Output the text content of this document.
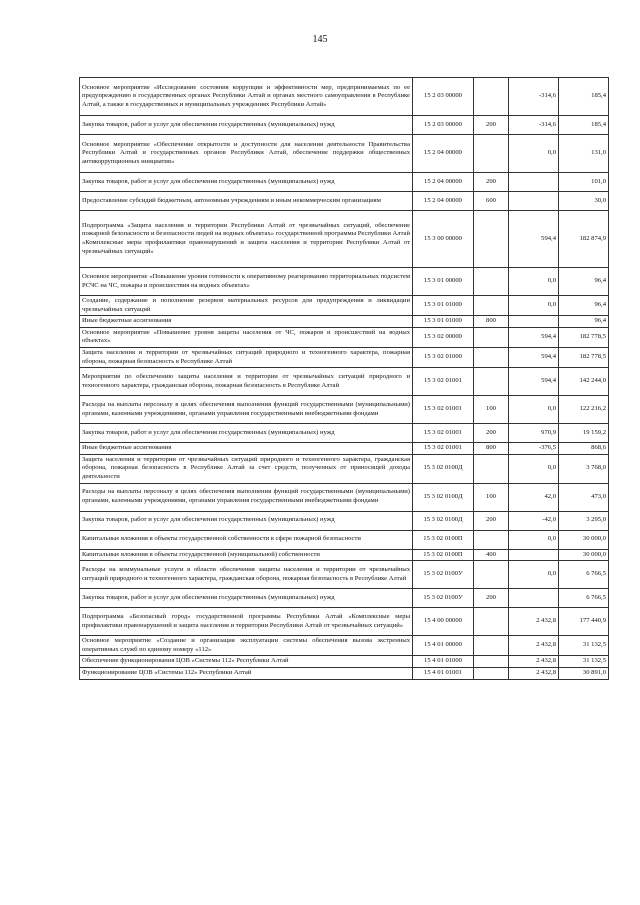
145
Основное мероприятие «Исследование состояния коррупции и эффективности мер, предпринимаемых по ее предупреждению в государственных органах Республики Алтай и органах местного самоуправления в Республике Алтай, а также в государственных и муниципальных учреждениях Республики Алтай»	15 2 03 00000		-314,6	185,4
Закупка товаров, работ и услуг для обеспечения государственных (муниципальных) нужд	15 2 03 00000	200	-314,6	185,4
Основное мероприятие «Обеспечение открытости и доступности для населения деятельности Правительства Республики Алтай и государственных органов Республики Алтай, обеспечение поддержки общественных антикоррупционных инициатив»	15 2 04 00000		0,0	131,0
Закупка товаров, работ и услуг для обеспечения государственных (муниципальных) нужд	15 2 04 00000	200		101,0
Предоставление субсидий бюджетным, автономным учреждениям и иным некоммерческим организациям	15 2 04 00000	600		30,0
Подпрограмма «Защита населения и территории Республики Алтай от чрезвычайных ситуаций, обеспечение пожарной безопасности и безопасности людей на водных объектах» государственной программы Республики Алтай «Комплексные меры профилактики правонарушений и защита населения и территории Республики Алтай от чрезвычайных ситуаций»	15 3 00 00000		594,4	182 874,9
Основное мероприятие «Повышение уровня готовности к оперативному реагированию территориальных подсистем РСЧС на ЧС, пожары и происшествия на водных объектах»	15 3 01 00000		0,0	96,4
Создание, содержание и пополнение резервов материальных ресурсов для предупреждения и ликвидации чрезвычайных ситуаций	15 3 01 01000		0,0	96,4
Иные бюджетные ассигнования	15 3 01 01000	800		96,4
Основное мероприятие «Повышение уровня защиты населения от ЧС, пожаров и происшествий на водных объектах»	15 3 02 00000		594,4	182 778,5
Защита населения и территории от чрезвычайных ситуаций природного и техногенного характера, пожарная оборона, пожарная безопасность в Республике Алтай	15 3 02 01000		594,4	182 778,5
Мероприятия по обеспечению защиты населения и территории от чрезвычайных ситуаций природного и техногенного характера, гражданская оборона, пожарная безопасность в Республике Алтай	15 3 02 01001		594,4	142 244,0
Расходы на выплаты персоналу в целях обеспечения выполнения функций государственными (муниципальными) органами, казенными учреждениями, органами управления государственными внебюджетными фондами	15 3 02 01001	100	0,0	122 216,2
Закупка товаров, работ и услуг для обеспечения государственных (муниципальных) нужд	15 3 02 01001	200	970,9	19 159,2
Иные бюджетные ассигнования	15 3 02 01001	800	-376,5	868,6
Защита населения и территории от чрезвычайных ситуаций природного и техногенного характера, гражданская оборона, пожарная безопасность в Республике Алтай за счет средств, полученных от приносящей доходы деятельности	15 3 02 0100Д		0,0	3 768,0
Расходы на выплаты персоналу в целях обеспечения выполнения функций государственными (муниципальными) органами, казенными учреждениями, органами управления государственными внебюджетными фондами	15 3 02 0100Д	100	42,0	473,0
Закупка товаров, работ и услуг для обеспечения государственных (муниципальных) нужд	15 3 02 0100Д	200	-42,0	3 295,0
Капитальные вложения в объекты государственной собственности в сфере пожарной безопасности	15 3 02 0100П		0,0	30 000,0
Капитальные вложения в объекты государственной (муниципальной) собственности	15 3 02 0100П	400		30 000,0
Расходы на коммунальные услуги в области обеспечения защиты населения и территории от чрезвычайных ситуаций природного и техногенного характера, гражданская оборона, пожарная безопасность в Республике Алтай	15 3 02 0100У		0,0	6 766,5
Закупка товаров, работ и услуг для обеспечения государственных (муниципальных) нужд	15 3 02 0100У	200		6 766,5
Подпрограмма «Безопасный город» государственной программы Республики Алтай «Комплексные меры профилактики правонарушений и защита населения и территории Республики Алтай от чрезвычайных ситуаций»	15 4 00 00000		2 432,8	177 440,9
Основное мероприятие «Создание и организация эксплуатации системы обеспечения вызова экстренных оперативных служб по единому номеру «112»	15 4 01 00000		2 432,8	31 132,5
Обеспечение функционирования ЦОВ «Системы 112» Республики Алтай	15 4 01 01000		2 432,8	31 132,5
Функционирование ЦОВ «Системы 112» Республики Алтай	15 4 01 01001		2 432,8	30 891,0
